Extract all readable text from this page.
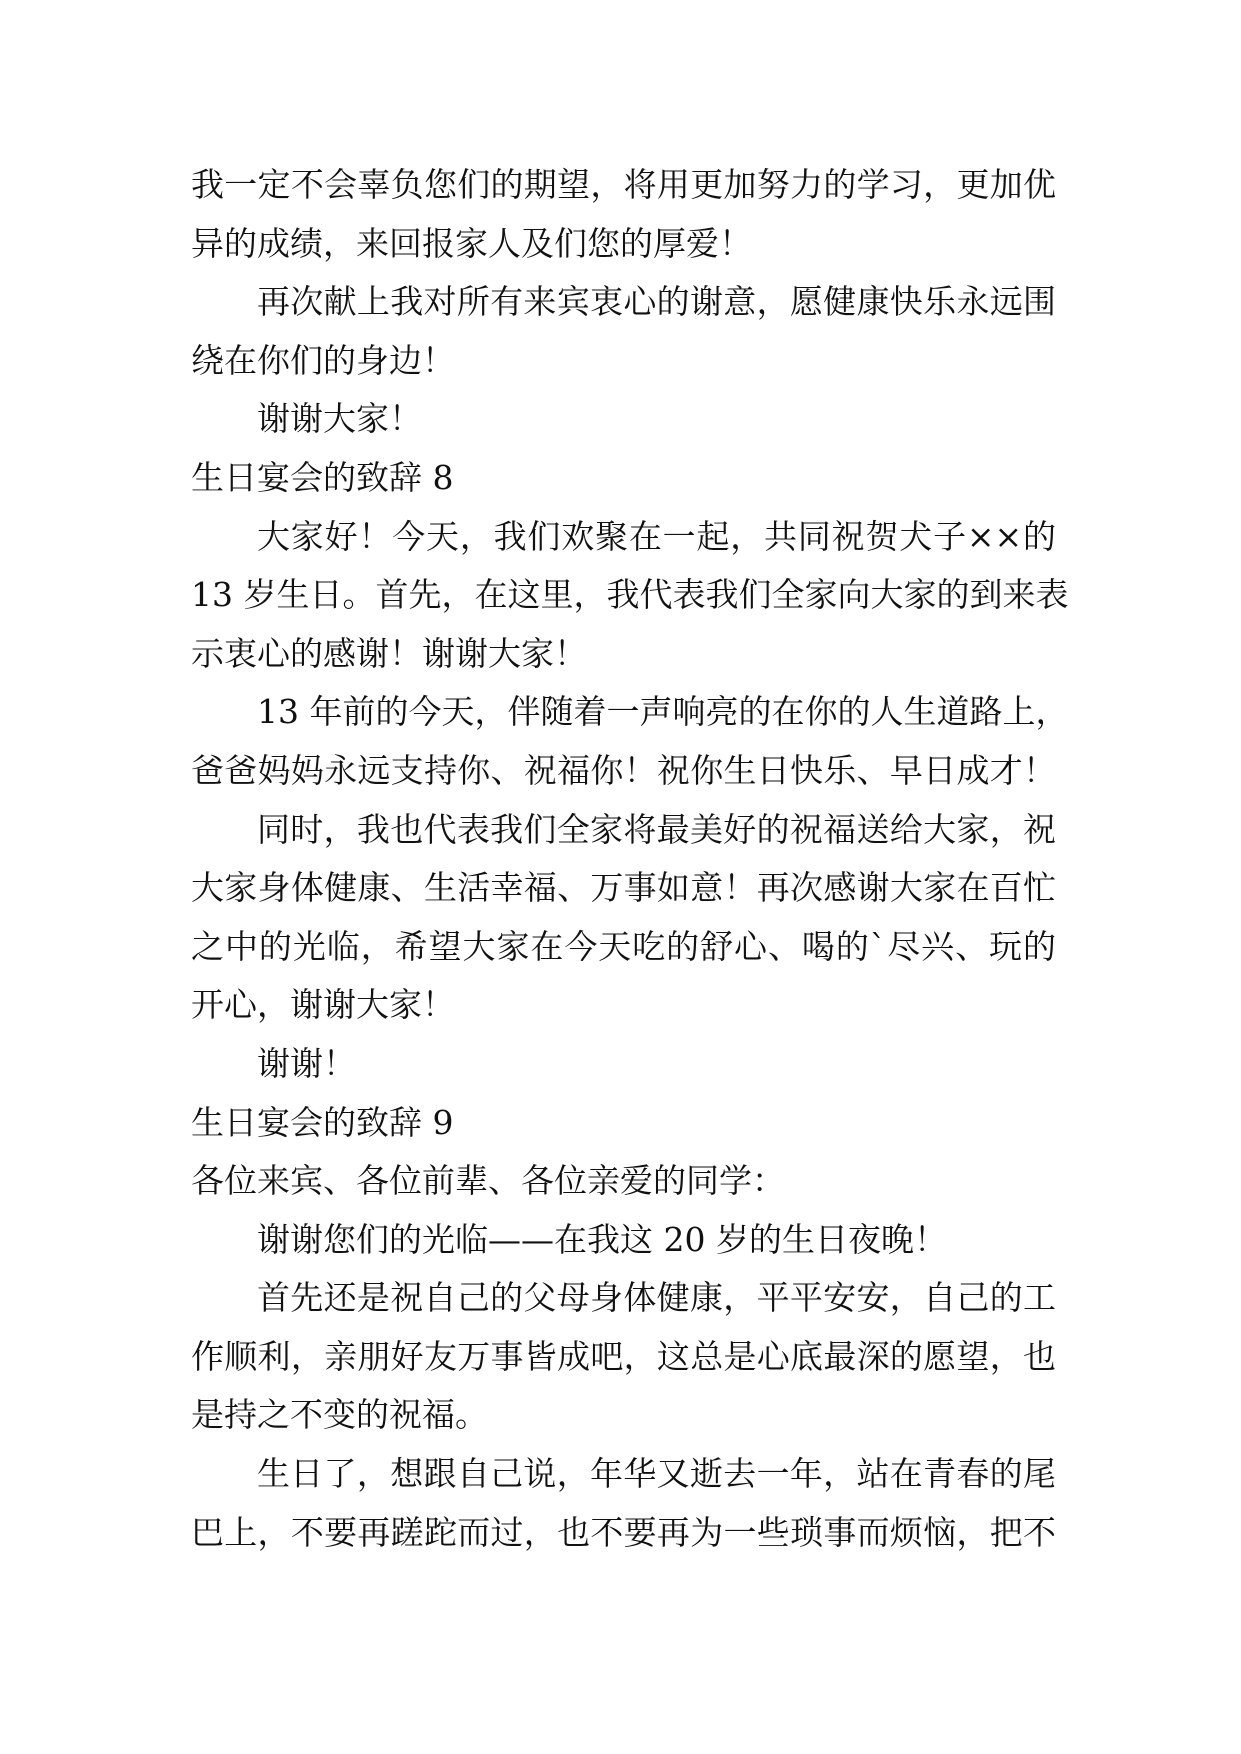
我一定不会辜负您们的期望，将用更加努力的学习，更加优
异的成绩，来回报家人及们您的厚爱！
再次献上我对所有来宾衷心的谢意，愿健康快乐永远围
绕在你们的身边！
谢谢大家！
生日宴会的致辞 8
大家好！今天，我们欢聚在一起，共同祝贺犬子××的
13 岁生日。首先，在这里，我代表我们全家向大家的到来表
示衷心的感谢！谢谢大家！
13 年前的今天，伴随着一声响亮的在你的人生道路上，
爸爸妈妈永远支持你、祝福你！祝你生日快乐、早日成才！
同时，我也代表我们全家将最美好的祝福送给大家，祝
大家身体健康、生活幸福、万事如意！再次感谢大家在百忙
之中的光临，希望大家在今天吃的舒心、喝的`尽兴、玩的
开心，谢谢大家！
谢谢！
生日宴会的致辞 9
各位来宾、各位前辈、各位亲爱的同学：
谢谢您们的光临——在我这 20 岁的生日夜晚！
首先还是祝自己的父母身体健康，平平安安，自己的工
作顺利，亲朋好友万事皆成吧，这总是心底最深的愿望，也
是持之不变的祝福。
生日了，想跟自己说，年华又逝去一年，站在青春的尾
巴上，不要再蹉跎而过，也不要再为一些琐事而烦恼，把不
